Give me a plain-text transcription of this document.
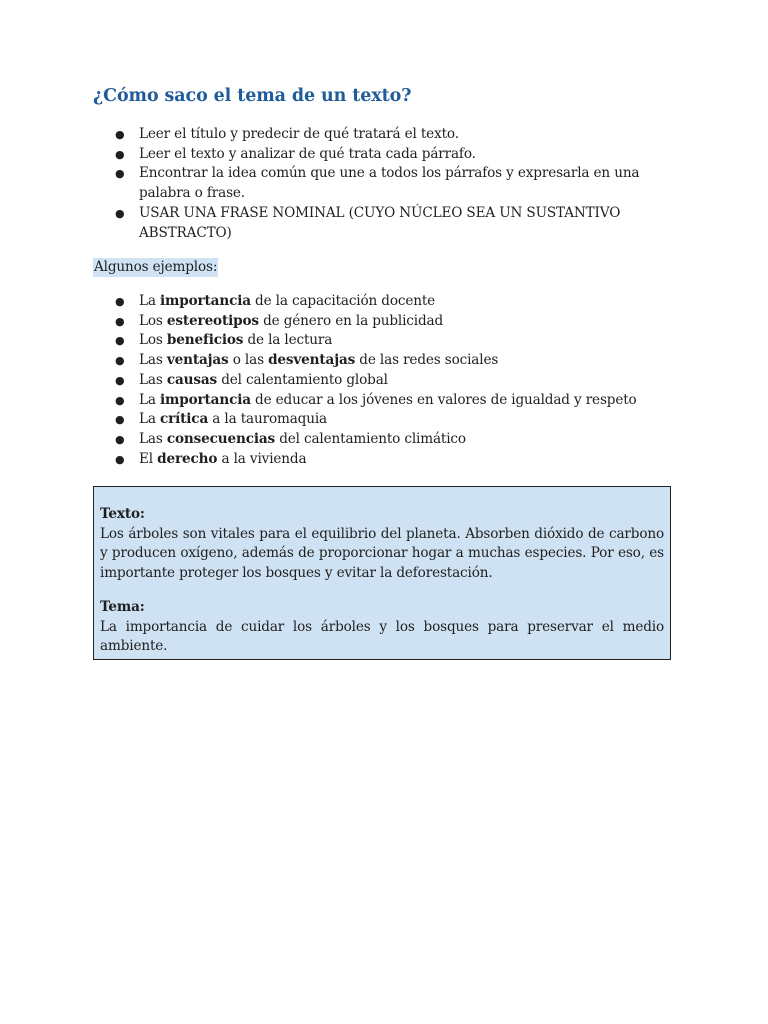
¿Cómo saco el tema de un texto?
● Leer el título y predecir de qué tratará el texto.
● Leer el texto y analizar de qué trata cada párrafo.
● Encontrar la idea común que une a todos los párrafos y expresarla en una palabra o frase.
● USAR UNA FRASE NOMINAL (CUYO NÚCLEO SEA UN SUSTANTIVO ABSTRACTO)

Algunos ejemplos:

● La importancia de la capacitación docente
● Los estereotipos de género en la publicidad
● Los beneficios de la lectura
● Las ventajas o las desventajas de las redes sociales
● Las causas del calentamiento global
● La importancia de educar a los jóvenes en valores de igualdad y respeto
● La crítica a la tauromaquia
● Las consecuencias del calentamiento climático
● El derecho a la vivienda

Texto:

Los árboles son vitales para el equilibrio del planeta. Absorben dióxido de carbono y producen oxígeno, además de proporcionar hogar a muchas especies. Por eso, es importante proteger los bosques y evitar la deforestación.

Tema:

La importancia de cuidar los árboles y los bosques para preservar el medio ambiente.
